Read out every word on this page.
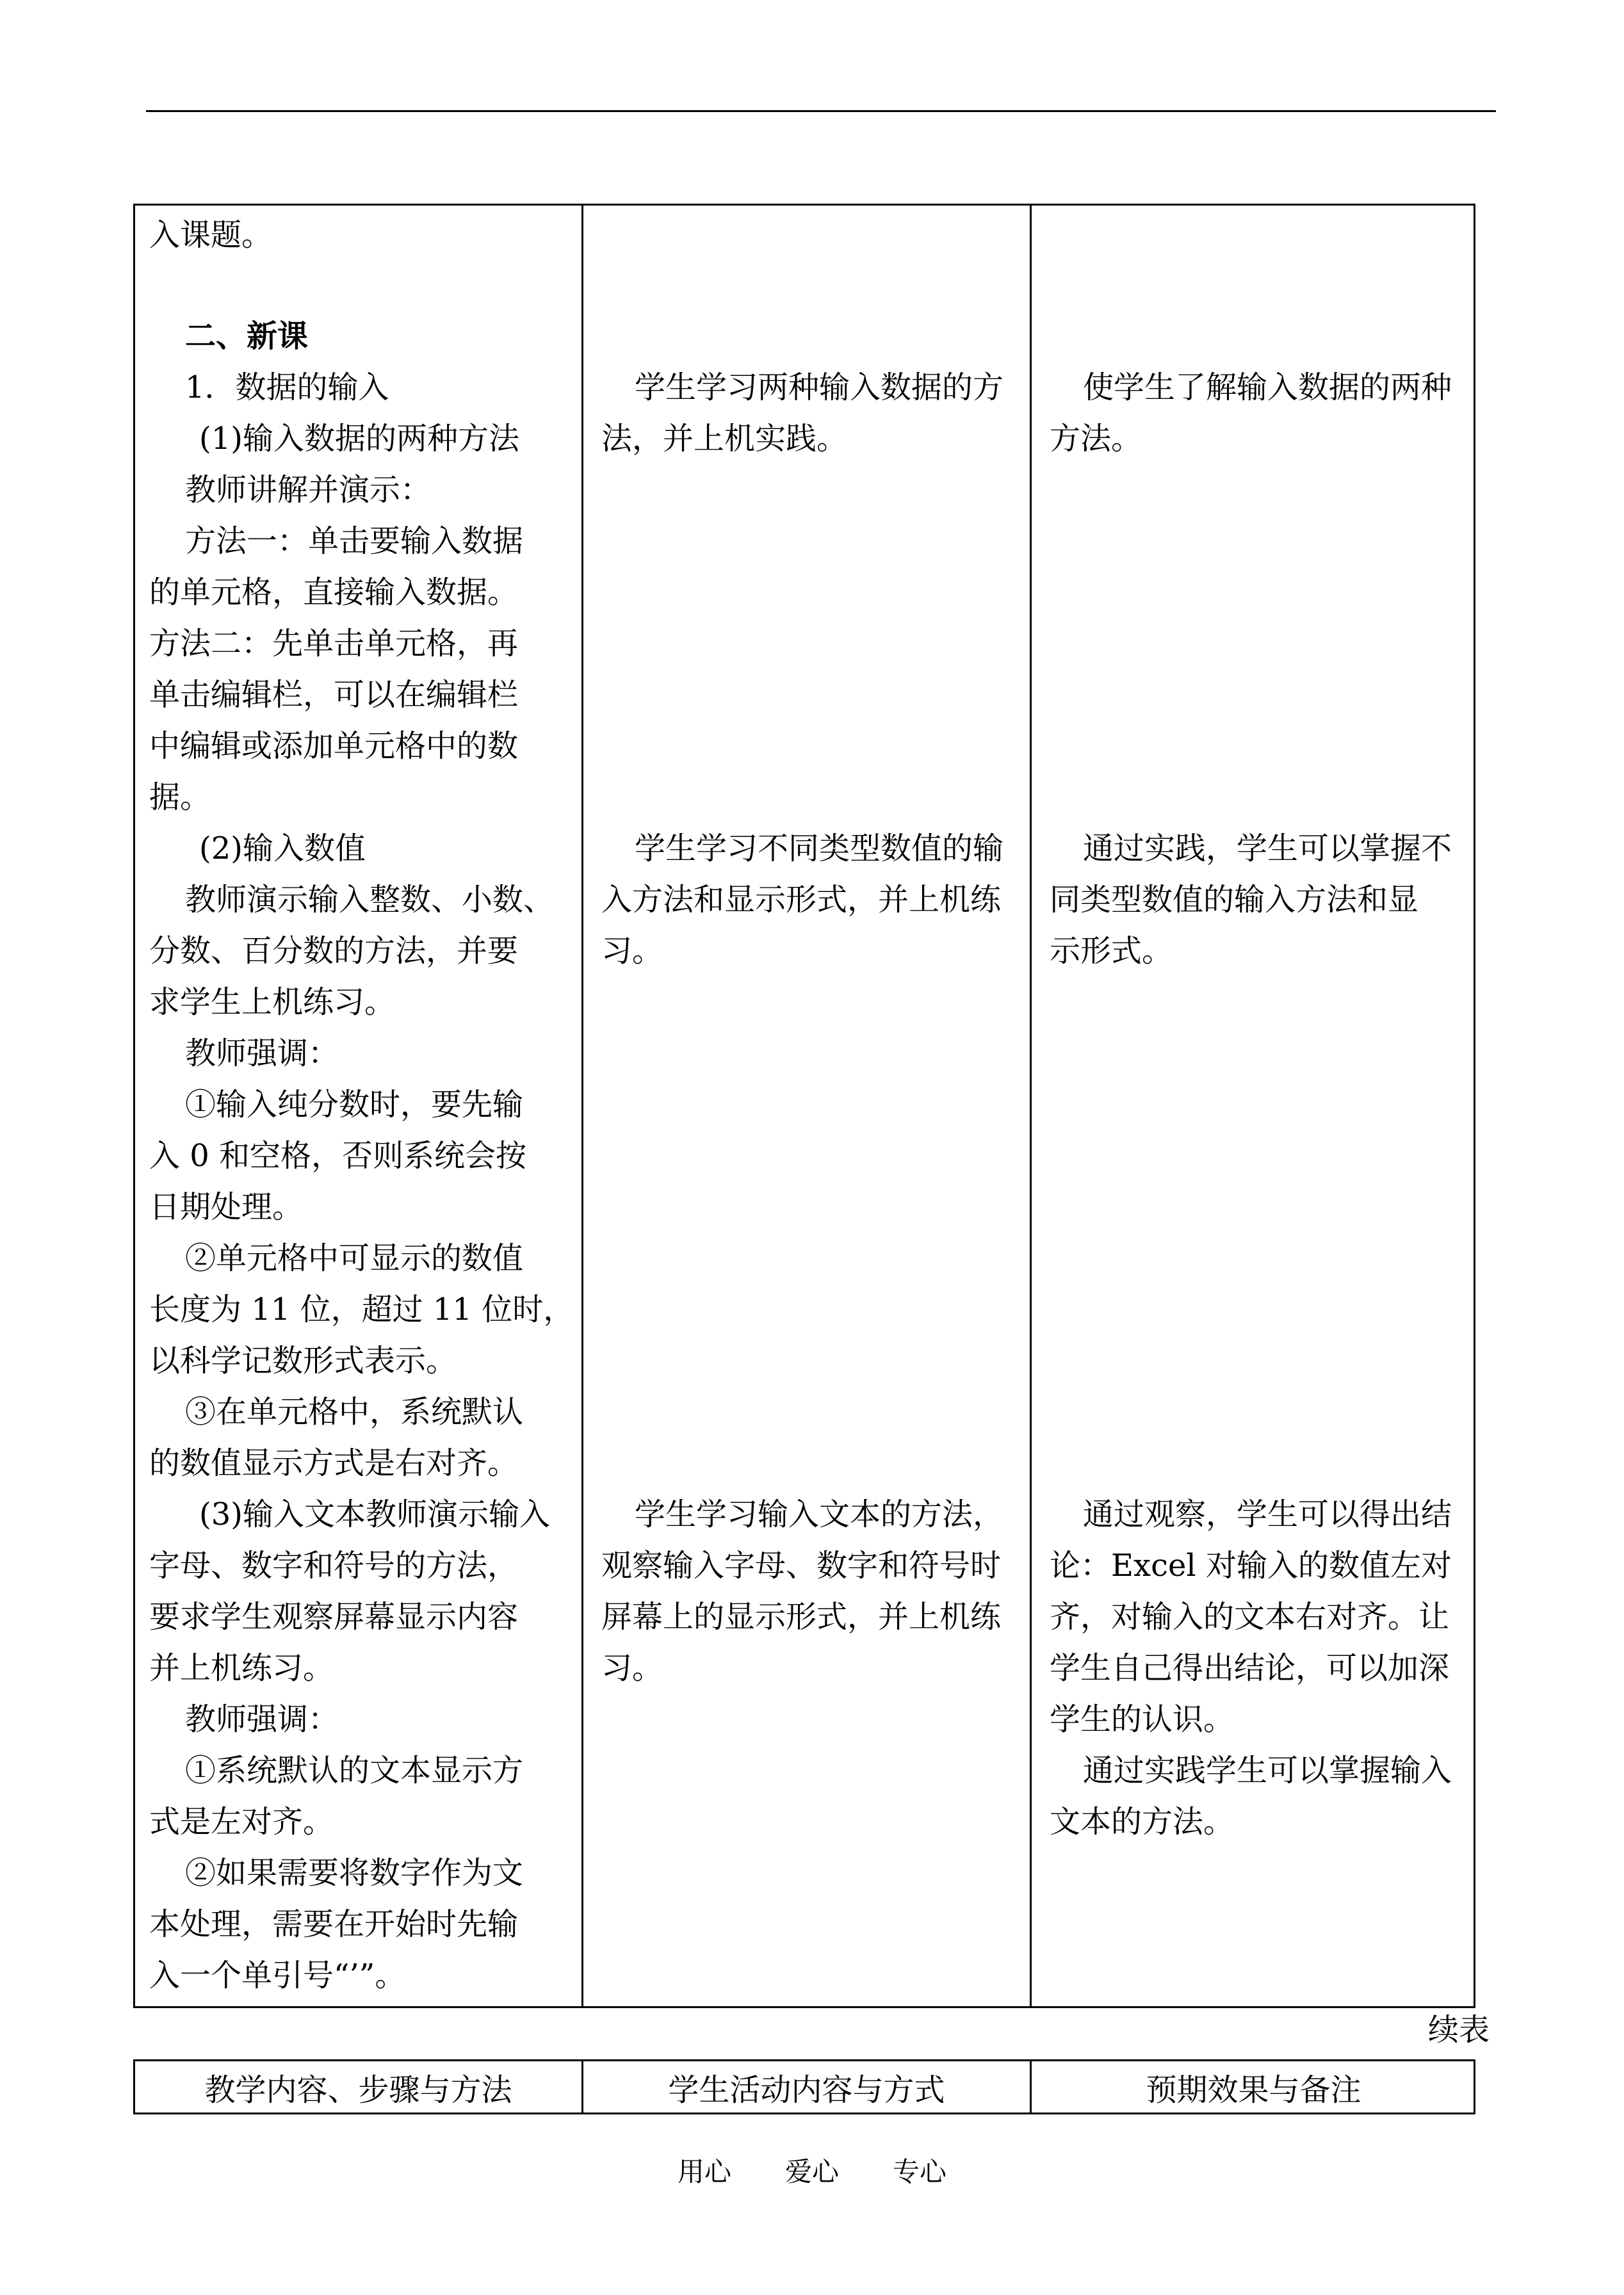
入课题。
二、新课
1．数据的输入
(1)输入数据的两种方法
教师讲解并演示：
方法一：单击要输入数据
的单元格，直接输入数据。
方法二：先单击单元格，再
单击编辑栏，可以在编辑栏
中编辑或添加单元格中的数
据。
(2)输入数值
教师演示输入整数、小数、
分数、百分数的方法，并要
求学生上机练习。
教师强调：
①输入纯分数时，要先输
入 0 和空格，否则系统会按
日期处理。
②单元格中可显示的数值
长度为 11 位，超过 11 位时，
以科学记数形式表示。
③在单元格中，系统默认
的数值显示方式是右对齐。
(3)输入文本教师演示输入
字母、数字和符号的方法，
要求学生观察屏幕显示内容
并上机练习。
教师强调：
①系统默认的文本显示方
式是左对齐。
②如果需要将数字作为文
本处理，需要在开始时先输
入一个单引号“’”。
学生学习两种输入数据的方
法，并上机实践。
学生学习不同类型数值的输
入方法和显示形式，并上机练
习。
学生学习输入文本的方法，
观察输入字母、数字和符号时
屏幕上的显示形式，并上机练
习。
使学生了解输入数据的两种
方法。
通过实践，学生可以掌握不
同类型数值的输入方法和显
示形式。
通过观察，学生可以得出结
论：Excel 对输入的数值左对
齐，对输入的文本右对齐。让
学生自己得出结论，可以加深
学生的认识。
通过实践学生可以掌握输入
文本的方法。
续表
教学内容、步骤与方法	学生活动内容与方式	预期效果与备注
用心　　爱心　　专心
